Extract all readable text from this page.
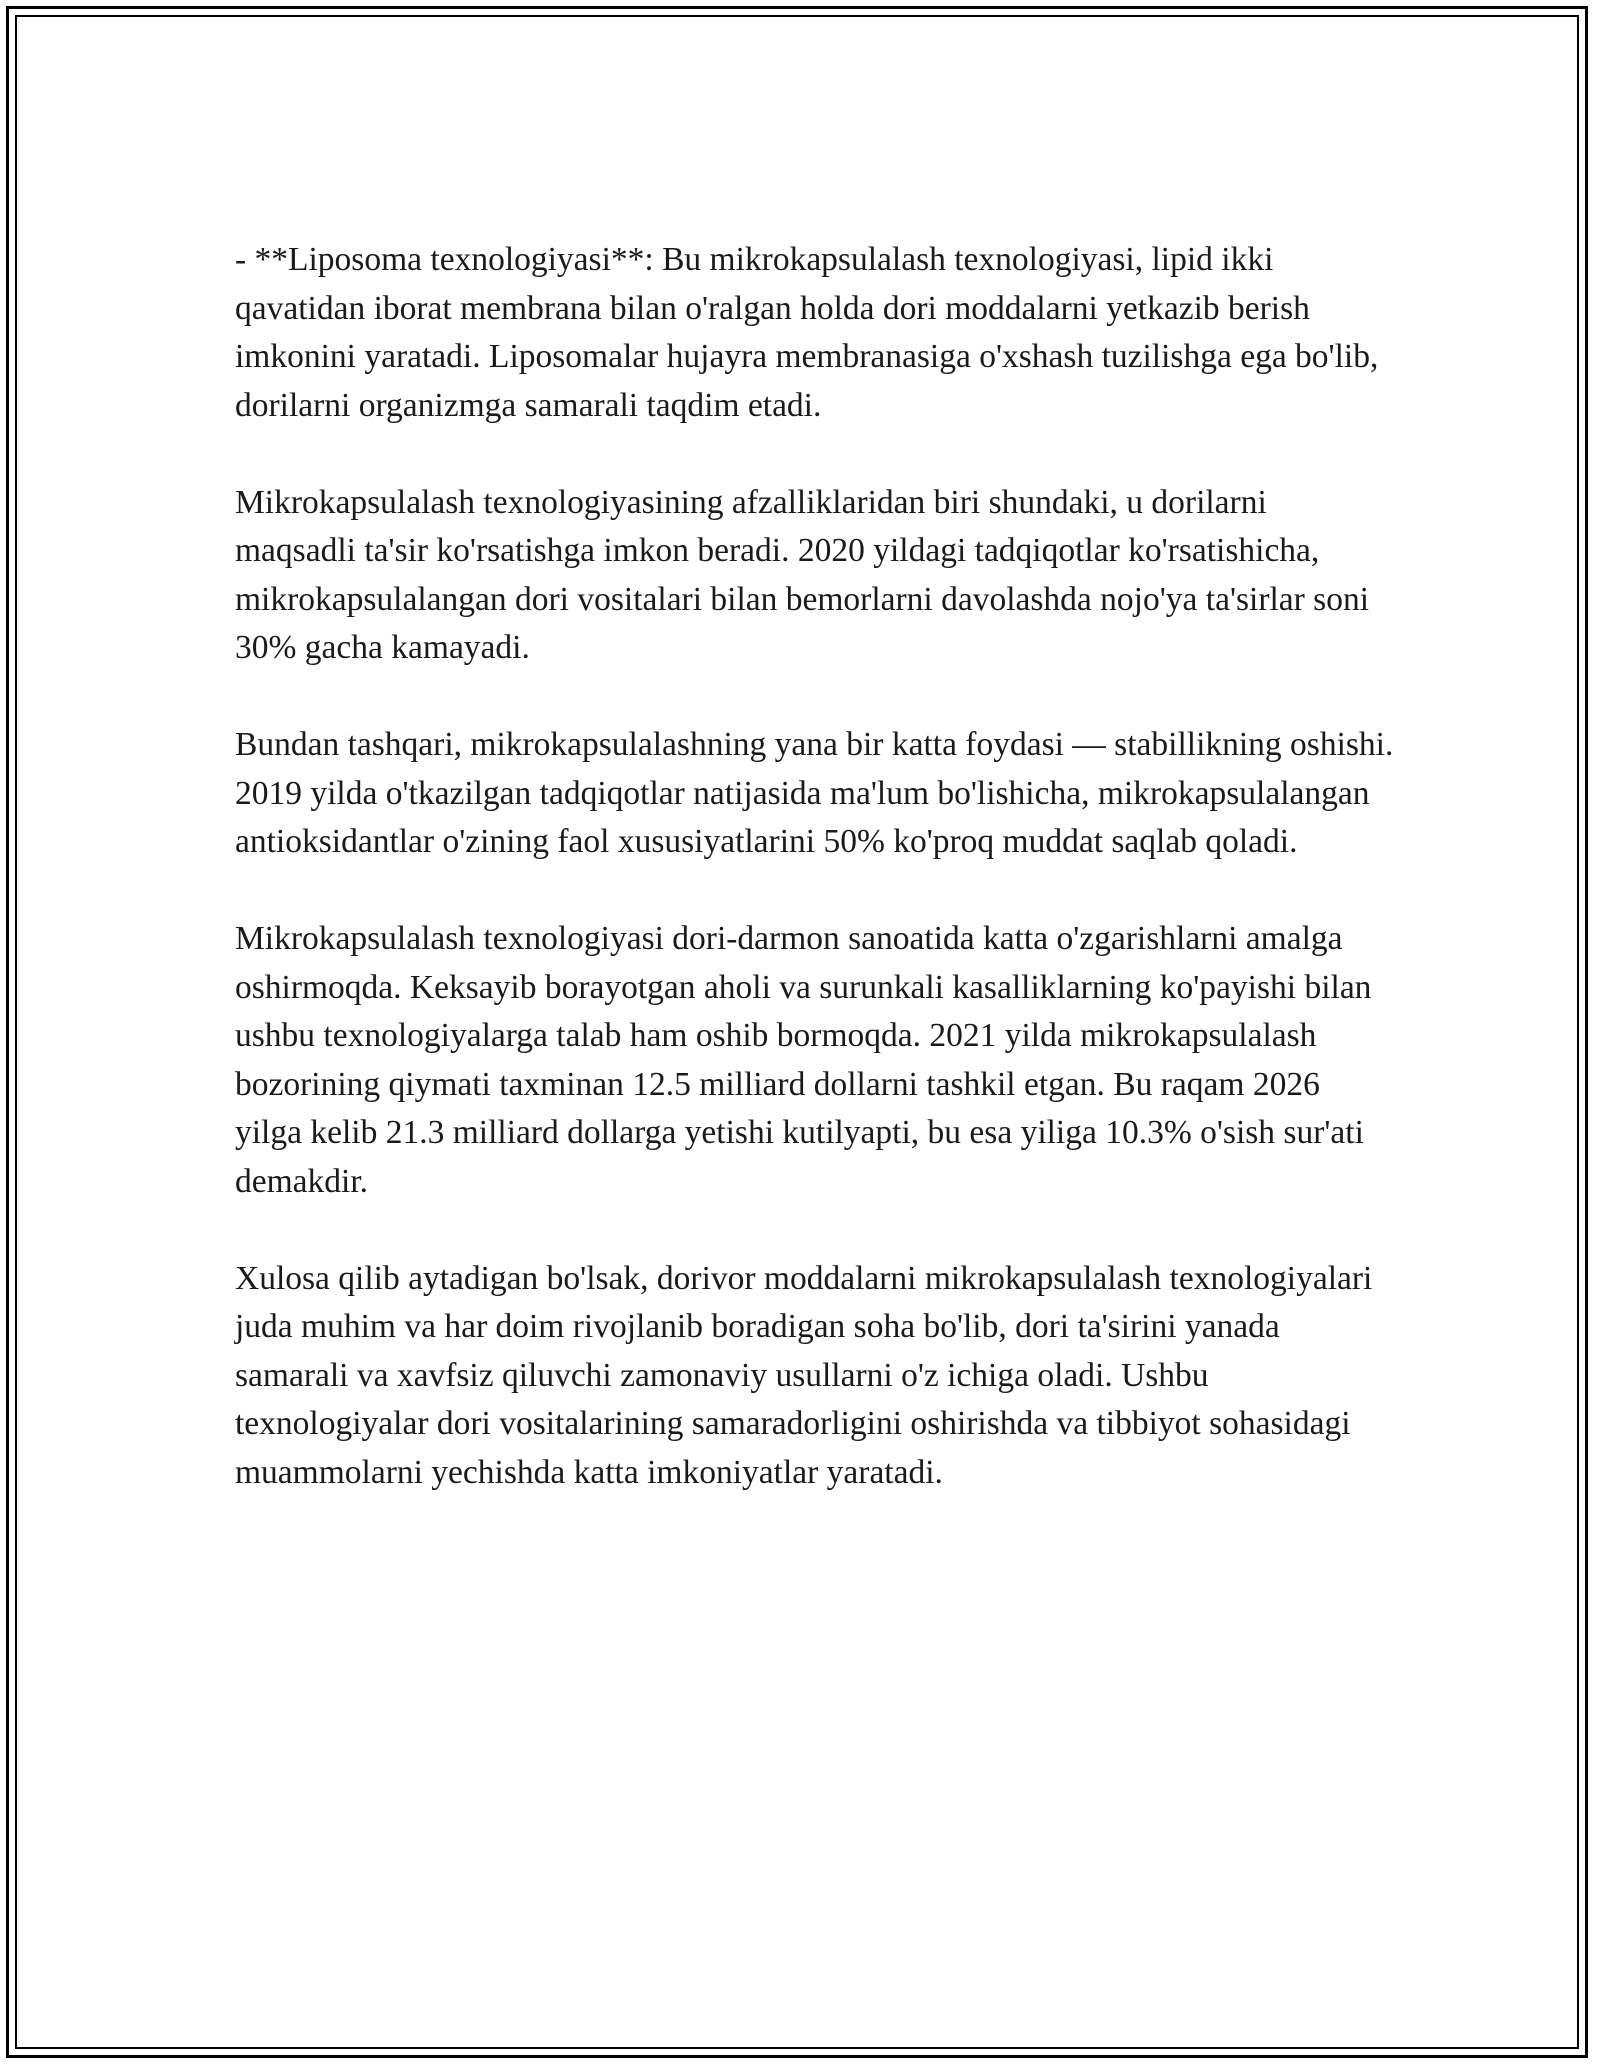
- **Liposoma texnologiyasi**: Bu mikrokapsulalash texnologiyasi, lipid ikki qavatidan iborat membrana bilan o'ralgan holda dori moddalarni yetkazib berish imkonini yaratadi. Liposomalar hujayra membranasiga o'xshash tuzilishga ega bo'lib, dorilarni organizmga samarali taqdim etadi.

Mikrokapsulalash texnologiyasining afzalliklaridan biri shundaki, u dorilarni maqsadli ta'sir ko'rsatishga imkon beradi. 2020 yildagi tadqiqotlar ko'rsatishicha, mikrokapsulalangan dori vositalari bilan bemorlarni davolashda nojo'ya ta'sirlar soni 30% gacha kamayadi.

Bundan tashqari, mikrokapsulalashning yana bir katta foydasi — stabillikning oshishi. 2019 yilda o'tkazilgan tadqiqotlar natijasida ma'lum bo'lishicha, mikrokapsulalangan antioksidantlar o'zining faol xususiyatlarini 50% ko'proq muddat saqlab qoladi.

Mikrokapsulalash texnologiyasi dori-darmon sanoatida katta o'zgarishlarni amalga oshirmoqda. Keksayib borayotgan aholi va surunkali kasalliklarning ko'payishi bilan ushbu texnologiyalarga talab ham oshib bormoqda. 2021 yilda mikrokapsulalash bozorining qiymati taxminan 12.5 milliard dollarni tashkil etgan. Bu raqam 2026 yilga kelib 21.3 milliard dollarga yetishi kutilyapti, bu esa yiliga 10.3% o'sish sur'ati demakdir.

Xulosa qilib aytadigan bo'lsak, dorivor moddalarni mikrokapsulalash texnologiyalari juda muhim va har doim rivojlanib boradigan soha bo'lib, dori ta'sirini yanada samarali va xavfsiz qiluvchi zamonaviy usullarni o'z ichiga oladi. Ushbu texnologiyalar dori vositalarining samaradorligini oshirishda va tibbiyot sohasidagi muammolarni yechishda katta imkoniyatlar yaratadi.
